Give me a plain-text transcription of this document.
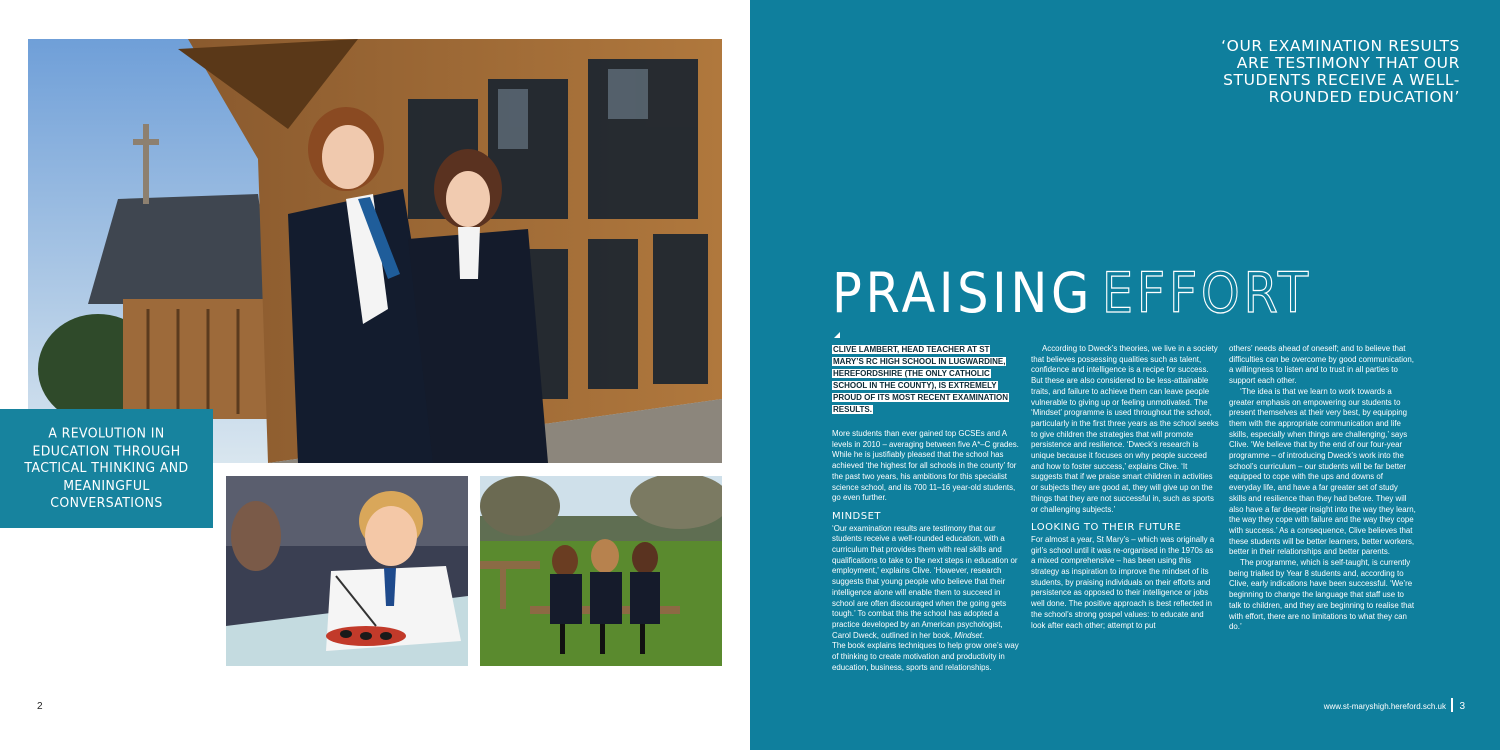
A REVOLUTION IN EDUCATION THROUGH TACTICAL THINKING AND MEANINGFUL CONVERSATIONS
2
‘OUR EXAMINATION RESULTS ARE TESTIMONY THAT OUR STUDENTS RECEIVE A WELL-ROUNDED EDUCATION’
PRAISING EFFORT
CLIVE LAMBERT, HEAD TEACHER AT ST MARY’S RC HIGH SCHOOL IN LUGWARDINE, HEREFORDSHIRE (THE ONLY CATHOLIC SCHOOL IN THE COUNTY), IS EXTREMELY PROUD OF ITS MOST RECENT EXAMINATION RESULTS.

More students than ever gained top GCSEs and A levels in 2010 – averaging between five A*–C grades. While he is justifiably pleased that the school has achieved ‘the highest for all schools in the county’ for the past two years, his ambitions for this specialist science school, and its 700 11–16 year-old students, go even further.

MINDSET

‘Our examination results are testimony that our students receive a well-rounded education, with a curriculum that provides them with real skills and qualifications to take to the next steps in education or employment,’ explains Clive. ‘However, research suggests that young people who believe that their intelligence alone will enable them to succeed in school are often discouraged when the going gets tough.’ To combat this the school has adopted a practice developed by an American psychologist, Carol Dweck, outlined in her book, Mindset.

The book explains techniques to help grow one’s way of thinking to create motivation and productivity in education, business, sports and relationships.

According to Dweck’s theories, we live in a society that believes possessing qualities such as talent, confidence and intelligence is a recipe for success. But these are also considered to be less-attainable traits, and failure to achieve them can leave people vulnerable to giving up or feeling unmotivated. The ‘Mindset’ programme is used throughout the school, particularly in the first three years as the school seeks to give children the strategies that will promote persistence and resilience. ‘Dweck’s research is unique because it focuses on why people succeed and how to foster success,’ explains Clive. ‘It suggests that if we praise smart children in activities or subjects they are good at, they will give up on the things that they are not successful in, such as sports or challenging subjects.’

LOOKING TO THEIR FUTURE

For almost a year, St Mary’s – which was originally a girl’s school until it was re-organised in the 1970s as a mixed comprehensive – has been using this strategy as inspiration to improve the mindset of its students, by praising individuals on their efforts and persistence as opposed to their intelligence or jobs well done. The positive approach is best reflected in the school’s strong gospel values: to educate and look after each other; attempt to put

others’ needs ahead of oneself; and to believe that difficulties can be overcome by good communication, a willingness to listen and to trust in all parties to support each other.

‘The idea is that we learn to work towards a greater emphasis on empowering our students to present themselves at their very best, by equipping them with the appropriate communication and life skills, especially when things are challenging,’ says Clive. ‘We believe that by the end of our four-year programme – of introducing Dweck’s work into the school’s curriculum – our students will be far better equipped to cope with the ups and downs of everyday life, and have a far greater set of study skills and resilience than they had before. They will also have a far deeper insight into the way they learn, the way they cope with failure and the way they cope with success.’ As a consequence, Clive believes that these students will be better learners, better workers, better in their relationships and better parents.

The programme, which is self-taught, is currently being trialled by Year 8 students and, according to Clive, early indications have been successful. ‘We’re beginning to change the language that staff use to talk to children, and they are beginning to realise that with effort, there are no limitations to what they can do.’

www.st-maryshigh.hereford.sch.uk 3
